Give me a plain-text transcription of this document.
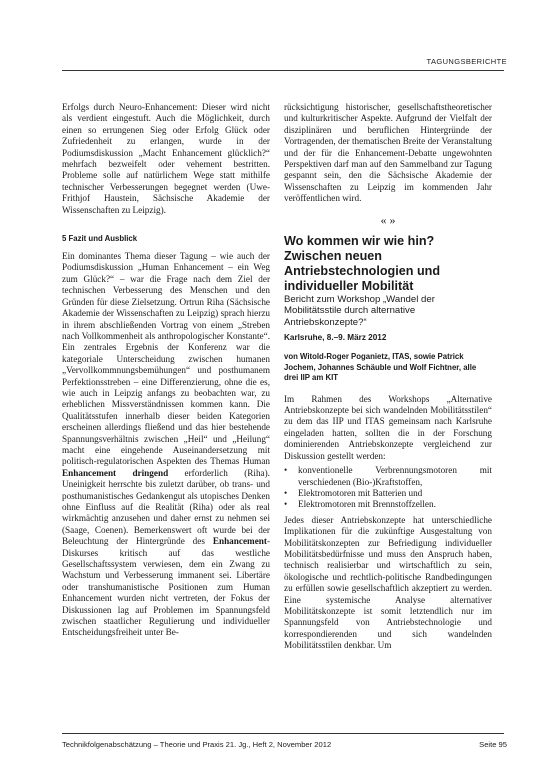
TAGUNGSBERICHTE

Erfolgs durch Neuro-Enhancement: Dieser wird nicht als verdient eingestuft. Auch die Möglichkeit, durch einen so errungenen Sieg oder Erfolg Glück oder Zufriedenheit zu erlangen, wurde in der Podiumsdiskussion „Macht Enhancement glücklich?“ mehrfach bezweifelt oder vehement bestritten. Probleme solle auf natürlichem Wege statt mithilfe technischer Verbesserungen begegnet werden (Uwe-Frithjof Haustein, Sächsische Akademie der Wissenschaften zu Leipzig).

5 Fazit und Ausblick

Ein dominantes Thema dieser Tagung – wie auch der Podiumsdiskussion „Human Enhancement – ein Weg zum Glück?“ – war die Frage nach dem Ziel der technischen Verbesserung des Menschen und den Gründen für diese Zielsetzung. Ortrun Riha (Sächsische Akademie der Wissenschaften zu Leipzig) sprach hierzu in ihrem abschließenden Vortrag von einem „Streben nach Vollkommenheit als anthropologischer Konstante“. Ein zentrales Ergebnis der Konferenz war die kategoriale Unterscheidung zwischen humanen „Vervollkommnungsbemühungen“ und posthumanem Perfektionsstreben – eine Differenzierung, ohne die es, wie auch in Leipzig anfangs zu beobachten war, zu erheblichen Missverständnissen kommen kann. Die Qualitätsstufen innerhalb dieser beiden Kategorien erscheinen allerdings fließend und das hier bestehende Spannungsverhältnis zwischen „Heil“ und „Heilung“ macht eine eingehende Auseinandersetzung mit politisch-regulatorischen Aspekten des Themas Human Enhancement dringend erforderlich (Riha). Uneinigkeit herrschte bis zuletzt darüber, ob trans- und posthumanistisches Gedankengut als utopisches Denken ohne Einfluss auf die Realität (Riha) oder als real wirkmächtig anzusehen und daher ernst zu nehmen sei (Saage, Coenen). Bemerkenswert oft wurde bei der Beleuchtung der Hintergründe des Enhancement-Diskurses kritisch auf das westliche Gesellschaftssystem verwiesen, dem ein Zwang zu Wachstum und Verbesserung immanent sei. Libertäre oder transhumanistische Positionen zum Human Enhancement wurden nicht vertreten, der Fokus der Diskussionen lag auf Problemen im Spannungsfeld zwischen staatlicher Regulierung und individueller Entscheidungsfreiheit unter Be-

rücksichtigung historischer, gesellschaftstheoretischer und kulturkritischer Aspekte. Aufgrund der Vielfalt der disziplinären und beruflichen Hintergründe der Vortragenden, der thematischen Breite der Veranstaltung und der für die Enhancement-Debatte ungewohnten Perspektiven darf man auf den Sammelband zur Tagung gespannt sein, den die Sächsische Akademie der Wissenschaften zu Leipzig im kommenden Jahr veröffentlichen wird.

« »

Wo kommen wir wie hin? Zwischen neuen Antriebstechnologien und individueller Mobilität

Bericht zum Workshop „Wandel der Mobilitätsstile durch alternative Antriebskonzepte?“

Karlsruhe, 8.–9. März 2012

von Witold-Roger Poganietz, ITAS, sowie Patrick Jochem, Johannes Schäuble und Wolf Fichtner, alle drei IIP am KIT

Im Rahmen des Workshops „Alternative Antriebskonzepte bei sich wandelnden Mobilitätsstilen“ zu dem das IIP und ITAS gemeinsam nach Karlsruhe eingeladen hatten, sollten die in der Forschung dominierenden Antriebskonzepte vergleichend zur Diskussion gestellt werden:

• konventionelle Verbrennungsmotoren mit verschiedenen (Bio-)Kraftstoffen,
• Elektromotoren mit Batterien und
• Elektromotoren mit Brennstoffzellen.

Jedes dieser Antriebskonzepte hat unterschiedliche Implikationen für die zukünftige Ausgestaltung von Mobilitätskonzepten zur Befriedigung individueller Mobilitätsbedürfnisse und muss den Anspruch haben, technisch realisierbar und wirtschaftlich zu sein, ökologische und rechtlich-politische Randbedingungen zu erfüllen sowie gesellschaftlich akzeptiert zu werden. Eine systemische Analyse alternativer Mobilitätskonzepte ist somit letztendlich nur im Spannungsfeld von Antriebstechnologie und korrespondierenden und sich wandelnden Mobilitätsstilen denkbar. Um

Technikfolgenabschätzung – Theorie und Praxis 21. Jg., Heft 2, November 2012	Seite 95
